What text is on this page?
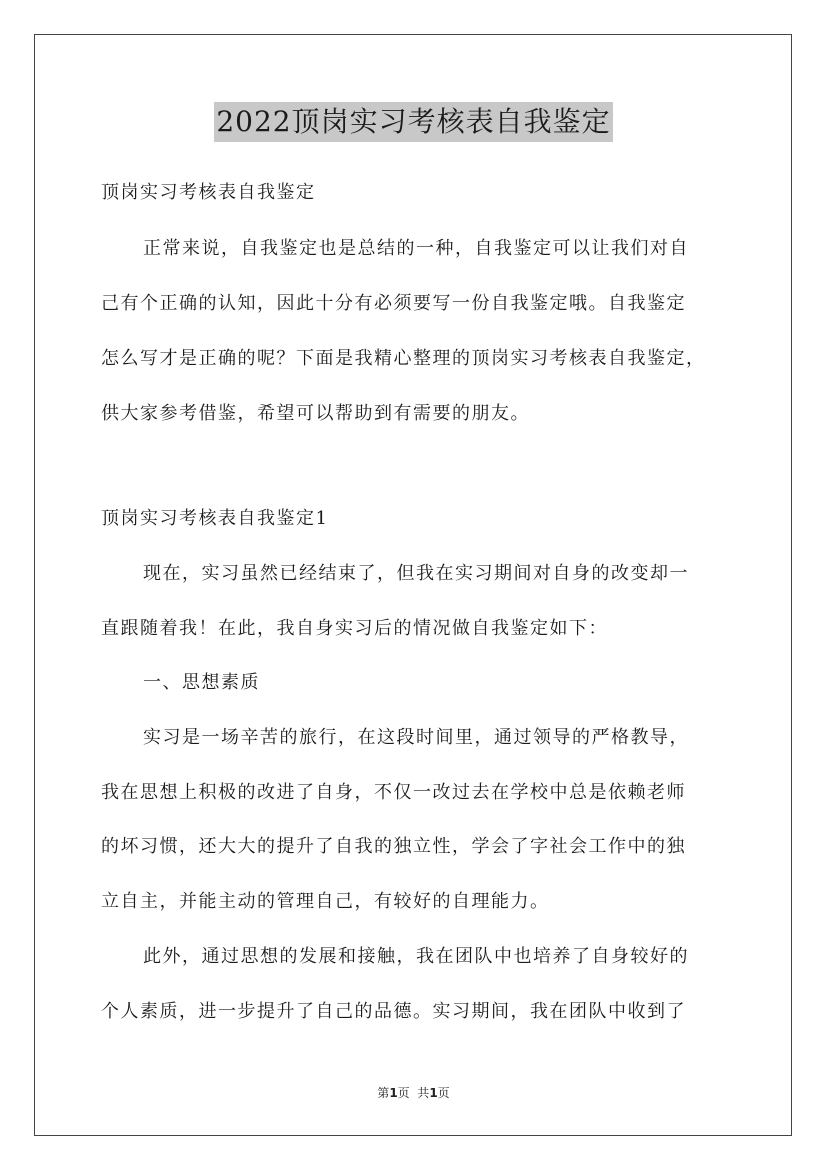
2022顶岗实习考核表自我鉴定
顶岗实习考核表自我鉴定
正常来说，自我鉴定也是总结的一种，自我鉴定可以让我们对自
己有个正确的认知，因此十分有必须要写一份自我鉴定哦。自我鉴定
怎么写才是正确的呢？下面是我精心整理的顶岗实习考核表自我鉴定，
供大家参考借鉴，希望可以帮助到有需要的朋友。
顶岗实习考核表自我鉴定1
现在，实习虽然已经结束了，但我在实习期间对自身的改变却一
直跟随着我！在此，我自身实习后的情况做自我鉴定如下：
一、思想素质
实习是一场辛苦的旅行，在这段时间里，通过领导的严格教导，
我在思想上积极的改进了自身，不仅一改过去在学校中总是依赖老师
的坏习惯，还大大的提升了自我的独立性，学会了字社会工作中的独
立自主，并能主动的管理自己，有较好的自理能力。
此外，通过思想的发展和接触，我在团队中也培养了自身较好的
个人素质，进一步提升了自己的品德。实习期间，我在团队中收到了
第1页  共1页
